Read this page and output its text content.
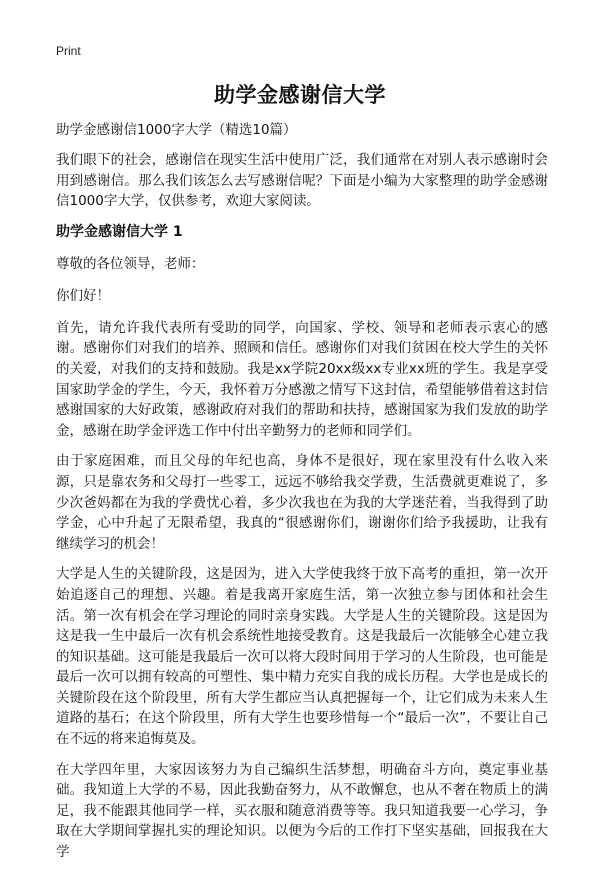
Print
助学金感谢信大学

助学金感谢信1000字大学（精选10篇）

我们眼下的社会，感谢信在现实生活中使用广泛，我们通常在对别人表示感谢时会用到感谢信。那么我们该怎么去写感谢信呢？下面是小编为大家整理的助学金感谢信1000字大学，仅供参考，欢迎大家阅读。

助学金感谢信大学 1

尊敬的各位领导，老师：

你们好！

首先，请允许我代表所有受助的同学，向国家、学校、领导和老师表示衷心的感谢。感谢你们对我们的培养、照顾和信任。感谢你们对我们贫困在校大学生的关怀的关爱，对我们的支持和鼓励。我是xx学院20xx级xx专业xx班的学生。我是享受国家助学金的学生，今天，我怀着万分感激之情写下这封信，希望能够借着这封信感谢国家的大好政策，感谢政府对我们的帮助和扶持，感谢国家为我们发放的助学金，感谢在助学金评选工作中付出辛勤努力的老师和同学们。

由于家庭困难，而且父母的年纪也高，身体不是很好，现在家里没有什么收入来源，只是靠农务和父母打一些零工，远远不够给我交学费，生活费就更难说了，多少次爸妈都在为我的学费忧心着，多少次我也在为我的大学迷茫着，当我得到了助学金，心中升起了无限希望，我真的“很感谢你们，谢谢你们给予我援助，让我有继续学习的机会！

大学是人生的关键阶段，这是因为，进入大学使我终于放下高考的重担，第一次开始追逐自己的理想、兴趣。着是我离开家庭生活，第一次独立参与团体和社会生活。第一次有机会在学习理论的同时亲身实践。大学是人生的关键阶段。这是因为这是我一生中最后一次有机会系统性地接受教育。这是我最后一次能够全心建立我的知识基础。这可能是我最后一次可以将大段时间用于学习的人生阶段，也可能是最后一次可以拥有较高的可塑性、集中精力充实自我的成长历程。大学也是成长的关键阶段在这个阶段里，所有大学生都应当认真把握每一个，让它们成为未来人生道路的基石；在这个阶段里，所有大学生也要珍惜每一个“最后一次”，不要让自己在不远的将来追悔莫及。

在大学四年里，大家因该努力为自己编织生活梦想，明确奋斗方向，奠定事业基础。我知道上大学的不易，因此我勤奋努力，从不敢懈怠，也从不奢在物质上的满足，我不能跟其他同学一样，买衣服和随意消费等等。我只知道我要一心学习，争取在大学期间掌握扎实的理论知识。以便为今后的工作打下坚实基础，回报我在大学
